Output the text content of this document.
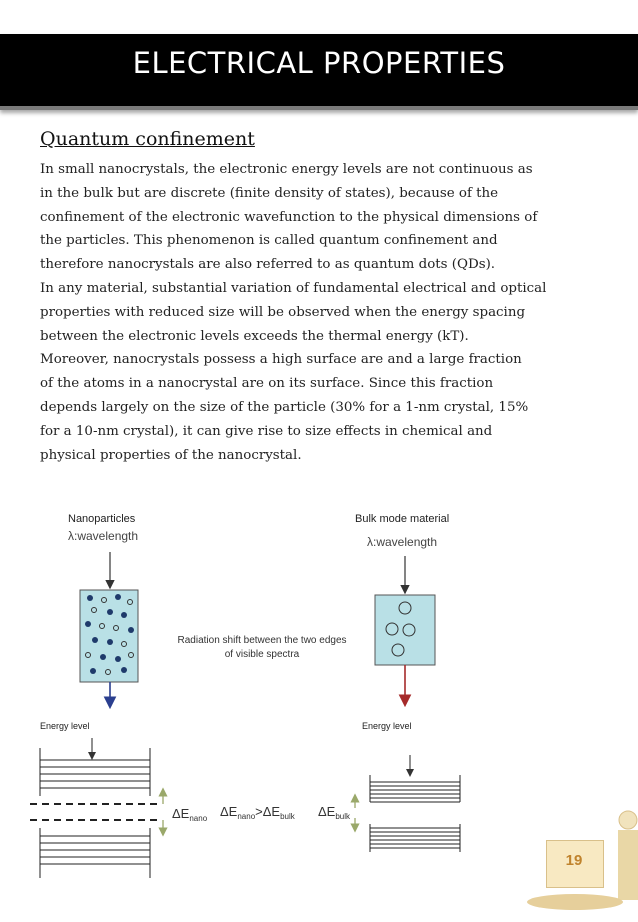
ELECTRICAL PROPERTIES
Quantum confinement

In small nanocrystals, the electronic energy levels are not continuous as
in the bulk but are discrete (finite density of states), because of the
confinement of the electronic wavefunction to the physical dimensions of
the particles. This phenomenon is called quantum confinement and
therefore nanocrystals are also referred to as quantum dots (QDs).
In any material, substantial variation of fundamental electrical and optical
properties with reduced size will be observed when the energy spacing
between the electronic levels exceeds the thermal energy (kT).
Moreover, nanocrystals possess a high surface are and a large fraction
of the atoms in a nanocrystal are on its surface. Since this fraction
depends largely on the size of the particle (30% for a 1-nm crystal, 15%
for a 10-nm crystal), it can give rise to size effects in chemical and
physical properties of the nanocrystal.

Nanoparticles
λ:wavelength
Radiation shift between the two edges
of visible spectra
Bulk mode material
λ:wavelength
Energy level
$\Delta E_{nano}$ $\Delta E_{nano}>\Delta E_{bulk}$
Energy level
$\Delta E_{bulk}$
19
